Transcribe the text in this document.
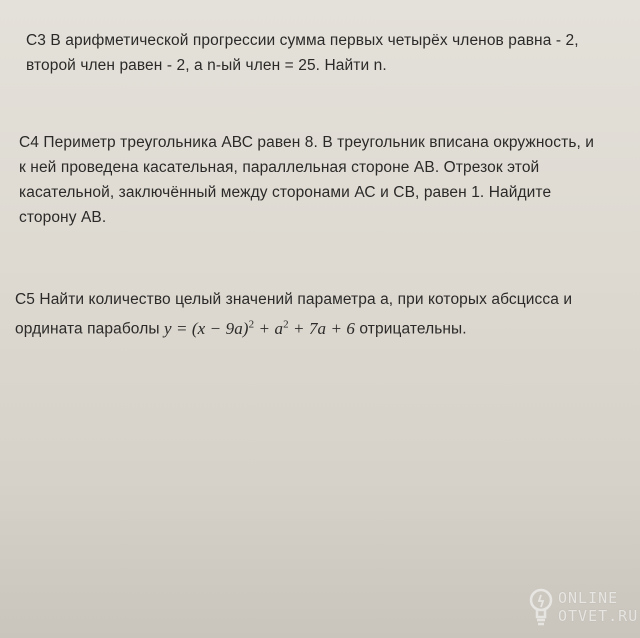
С3 В арифметической прогрессии сумма первых четырёх членов равна - 2,
второй член равен - 2, а n-ый член = 25. Найти n.
С4 Периметр треугольника АВС равен 8. В треугольник вписана окружность, и
к ней проведена касательная, параллельная стороне АВ. Отрезок этой
касательной, заключённый между сторонами АС и СВ, равен 1. Найдите
сторону АВ.
С5 Найти количество целый значений параметра а, при которых абсцисса и
ордината параболы $y = (x - 9a)^2 + a^2 + 7a + 6$ отрицательны.
ONLINE
OTVET.RU
